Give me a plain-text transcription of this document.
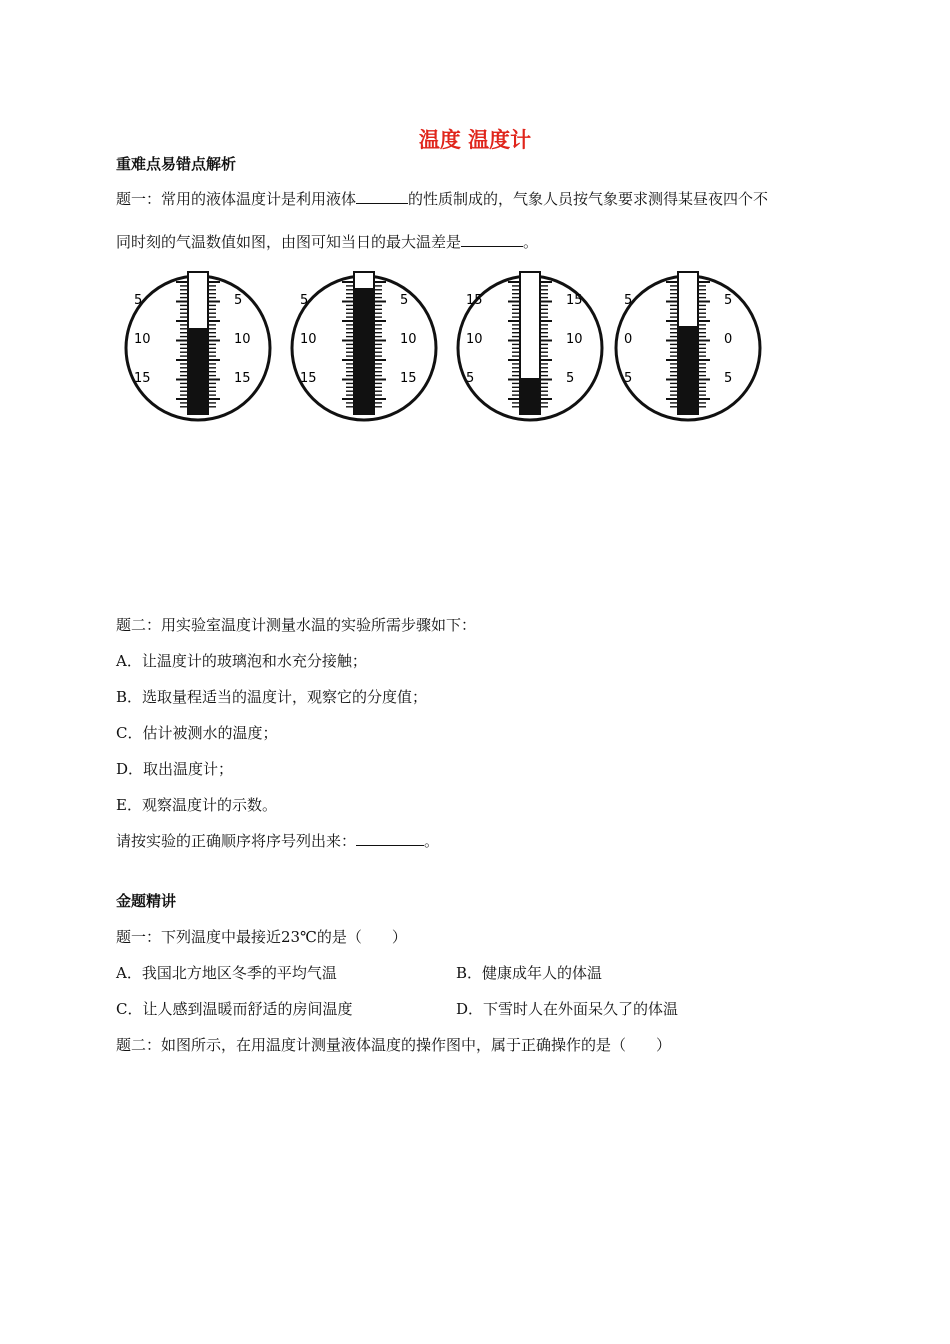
温度 温度计
重难点易错点解析
题一：常用的液体温度计是利用液体	的性质制成的，气象人员按气象要求测得某昼夜四个不
同时刻的气温数值如图，由图可知当日的最大温差是	。
5
10
15
5
10
15
5
10
15
5
10
15
15
10
5
15
10
5
5
0
5
5
0
5
题二：用实验室温度计测量水温的实验所需步骤如下：
A．让温度计的玻璃泡和水充分接触；
B．选取量程适当的温度计，观察它的分度值；
C．估计被测水的温度；
D．取出温度计；
E．观察温度计的示数。
请按实验的正确顺序将序号列出来：	。
金题精讲
题一：下列温度中最接近23℃的是（　　）
A．我国北方地区冬季的平均气温	B．健康成年人的体温
C．让人感到温暖而舒适的房间温度	D．下雪时人在外面呆久了的体温
题二：如图所示，在用温度计测量液体温度的操作图中，属于正确操作的是（　　）
